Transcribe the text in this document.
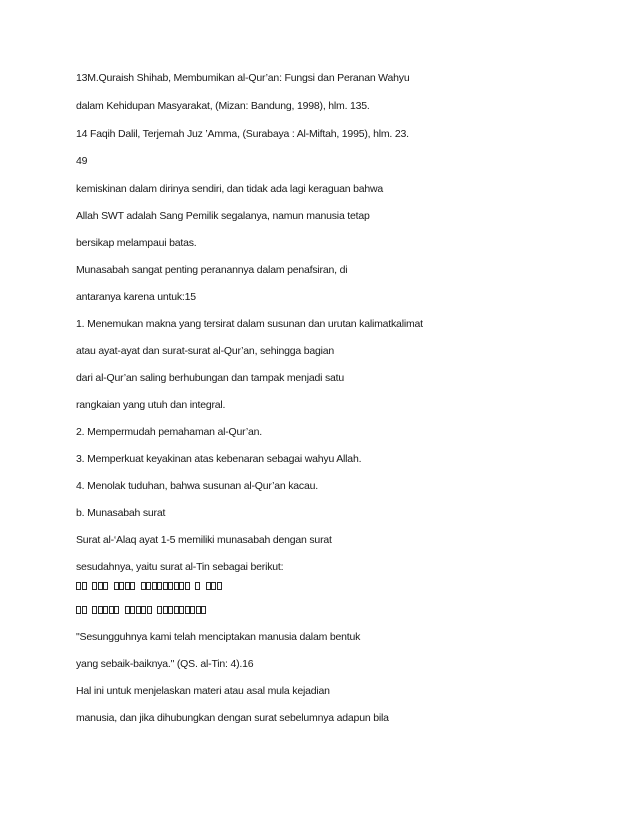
13M.Quraish Shihab, Membumikan al-Qur’an: Fungsi dan Peranan Wahyu
dalam Kehidupan Masyarakat, (Mizan: Bandung, 1998), hlm. 135.
14 Faqih Dalil, Terjemah Juz ’Amma, (Surabaya : Al-Miftah, 1995), hlm. 23.
49
kemiskinan dalam dirinya sendiri, dan tidak ada lagi keraguan bahwa
Allah SWT adalah Sang Pemilik segalanya, namun manusia tetap
bersikap melampaui batas.
Munasabah sangat penting peranannya dalam penafsiran, di
antaranya karena untuk:15
1. Menemukan makna yang tersirat dalam susunan dan urutan kalimatkalimat
atau ayat-ayat dan surat-surat al-Qur’an, sehingga bagian
dari al-Qur’an saling berhubungan dan tampak menjadi satu
rangkaian yang utuh dan integral.
2. Mempermudah pemahaman al-Qur’an.
3. Memperkuat keyakinan atas kebenaran sebagai wahyu Allah.
4. Menolak tuduhan, bahwa susunan al-Qur’an kacau.
b. Munasabah surat
Surat al-‘Alaq ayat 1-5 memiliki munasabah dengan surat
sesudahnya, yaitu surat al-Tin sebagai berikut:
"Sesungguhnya kami telah menciptakan manusia dalam bentuk
yang sebaik-baiknya." (QS. al-Tin: 4).16
Hal ini untuk menjelaskan materi atau asal mula kejadian
manusia, dan jika dihubungkan dengan surat sebelumnya adapun bila
